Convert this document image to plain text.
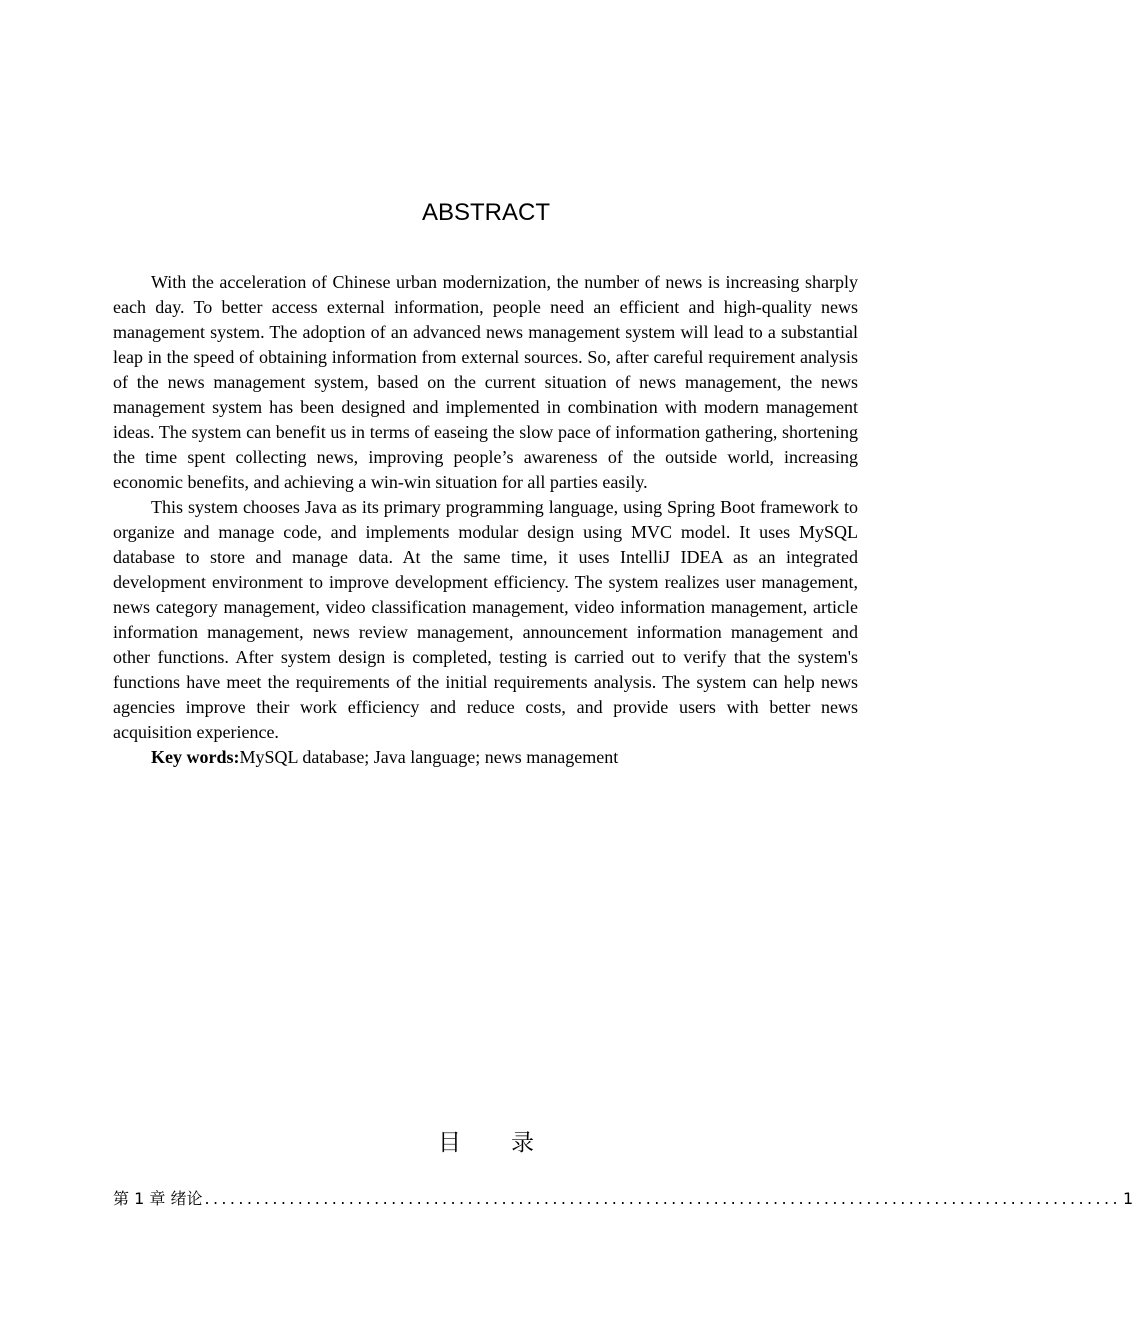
ABSTRACT

With the acceleration of Chinese urban modernization, the number of news is increasing sharply each day. To better access external information, people need an efficient and high-quality news management system. The adoption of an advanced news management system will lead to a substantial leap in the speed of obtaining information from external sources. So, after careful requirement analysis of the news management system, based on the current situation of news management, the news management system has been designed and implemented in combination with modern management ideas. The system can benefit us in terms of easeing the slow pace of information gathering, shortening the time spent collecting news, improving people’s awareness of the outside world, increasing economic benefits, and achieving a win-win situation for all parties easily.

This system chooses Java as its primary programming language, using Spring Boot framework to organize and manage code, and implements modular design using MVC model. It uses MySQL database to store and manage data. At the same time, it uses IntelliJ IDEA as an integrated development environment to improve development efficiency. The system realizes user management, news category management, video classification management, video information management, article information management, news review management, announcement information management and other functions. After system design is completed, testing is carried out to verify that the system's functions have meet the requirements of the initial requirements analysis. The system can help news agencies improve their work efficiency and reduce costs, and provide users with better news acquisition experience.

Key words:MySQL database; Java language; news management

目 录
第 1 章 绪论 ............................................................................................................ 1
